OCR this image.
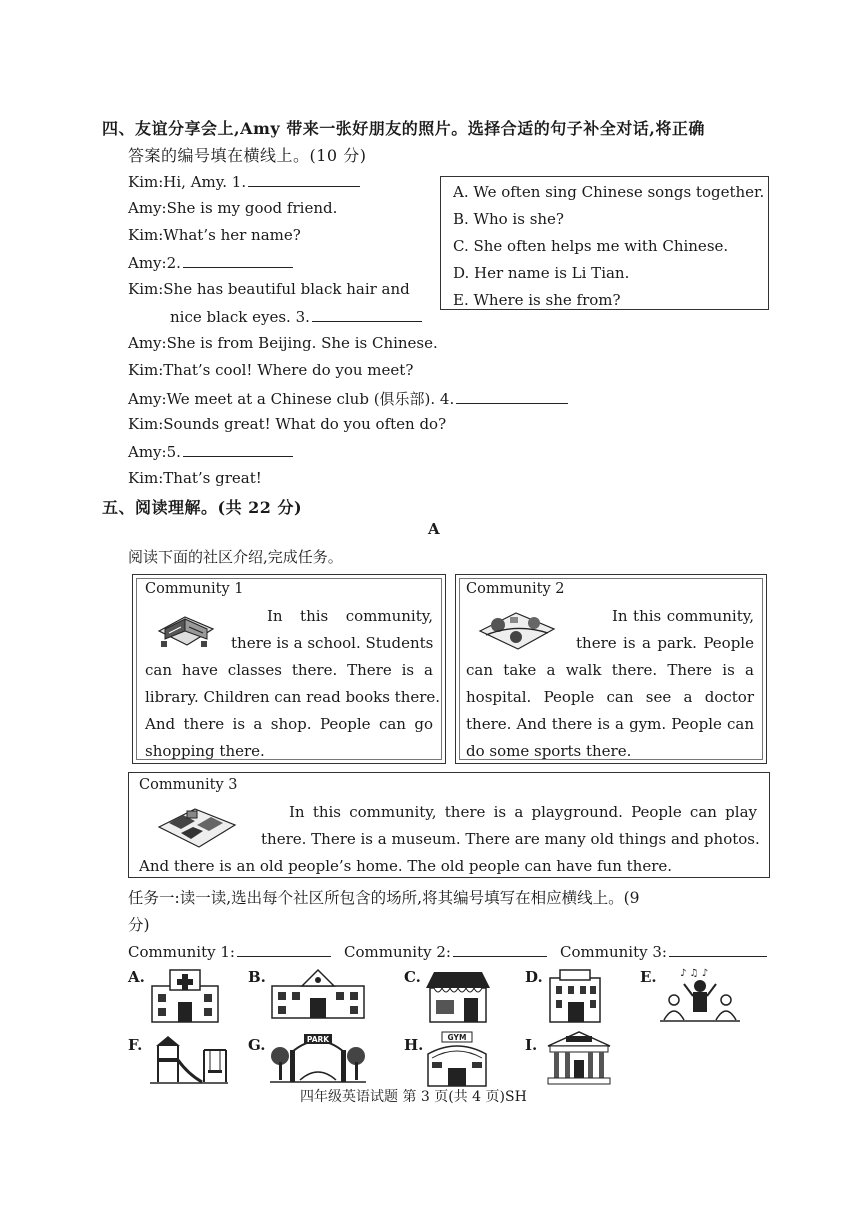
四、友谊分享会上,Amy 带来一张好朋友的照片。选择合适的句子补全对话,将正确
答案的编号填在横线上。(10 分)
Kim:Hi, Amy. 1.
Amy:She is my good friend.
Kim:What’s her name?
Amy:2.
Kim:She has beautiful black hair and
nice black eyes. 3.
Amy:She is from Beijing. She is Chinese.
Kim:That’s cool! Where do you meet?
Amy:We meet at a Chinese club (俱乐部). 4.
Kim:Sounds great! What do you often do?
Amy:5.
Kim:That’s great!
A. We often sing Chinese songs together.
B. Who is she?
C. She often helps me with Chinese.
D. Her name is Li Tian.
E. Where is she from?
五、阅读理解。(共 22 分)
A
阅读下面的社区介绍,完成任务。
Community 1
In this community,
there is a school. Students
can have classes there. There is a
library. Children can read books there.
And there is a shop. People can go
shopping there.
Community 2
In this community,
there is a park. People
can take a walk there. There is a
hospital. People can see a doctor
there. And there is a gym. People can
do some sports there.
Community 3
In this community, there is a playground. People can play
there. There is a museum. There are many old things and photos.
And there is an old people’s home. The old people can have fun there.
任务一:读一读,选出每个社区所包含的场所,将其编号填写在相应横线上。(9
分)
Community 1:	Community 2:	Community 3:
A.	B.	C.	D.	E. ♪ ♫ ♪
F.	G.	PARK	H.	GYM	I.
四年级英语试题 第 3 页(共 4 页)SH
